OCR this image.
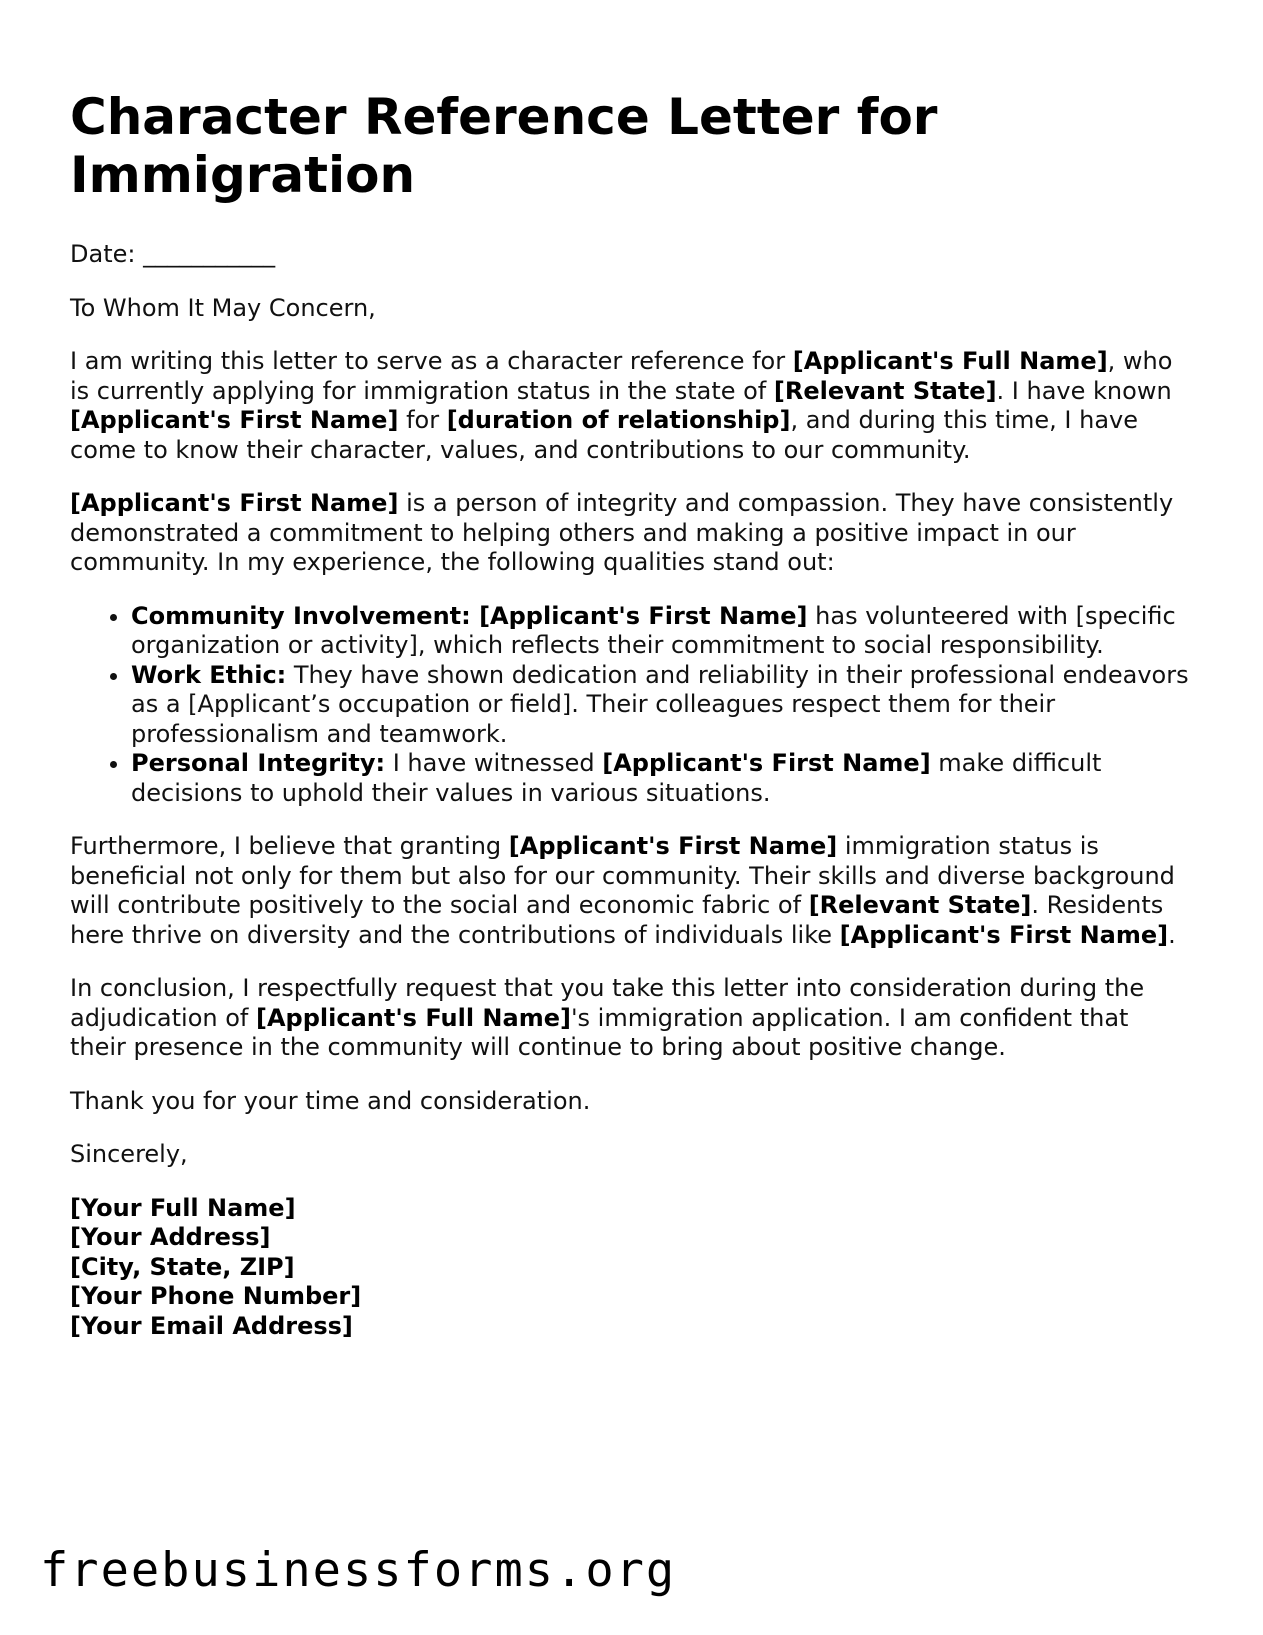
Character Reference Letter for Immigration

Date: ___________

To Whom It May Concern,

I am writing this letter to serve as a character reference for [Applicant's Full Name], who is currently applying for immigration status in the state of [Relevant State]. I have known [Applicant's First Name] for [duration of relationship], and during this time, I have come to know their character, values, and contributions to our community.

[Applicant's First Name] is a person of integrity and compassion. They have consistently demonstrated a commitment to helping others and making a positive impact in our community. In my experience, the following qualities stand out:

• Community Involvement: [Applicant's First Name] has volunteered with [specific organization or activity], which reflects their commitment to social responsibility.
• Work Ethic: They have shown dedication and reliability in their professional endeavors as a [Applicant’s occupation or field]. Their colleagues respect them for their professionalism and teamwork.
• Personal Integrity: I have witnessed [Applicant's First Name] make difficult decisions to uphold their values in various situations.

Furthermore, I believe that granting [Applicant's First Name] immigration status is beneficial not only for them but also for our community. Their skills and diverse background will contribute positively to the social and economic fabric of [Relevant State]. Residents here thrive on diversity and the contributions of individuals like [Applicant's First Name].

In conclusion, I respectfully request that you take this letter into consideration during the adjudication of [Applicant's Full Name]'s immigration application. I am confident that their presence in the community will continue to bring about positive change.

Thank you for your time and consideration.

Sincerely,

[Your Full Name]
[Your Address]
[City, State, ZIP]
[Your Phone Number]
[Your Email Address]
freebusinessforms.org
